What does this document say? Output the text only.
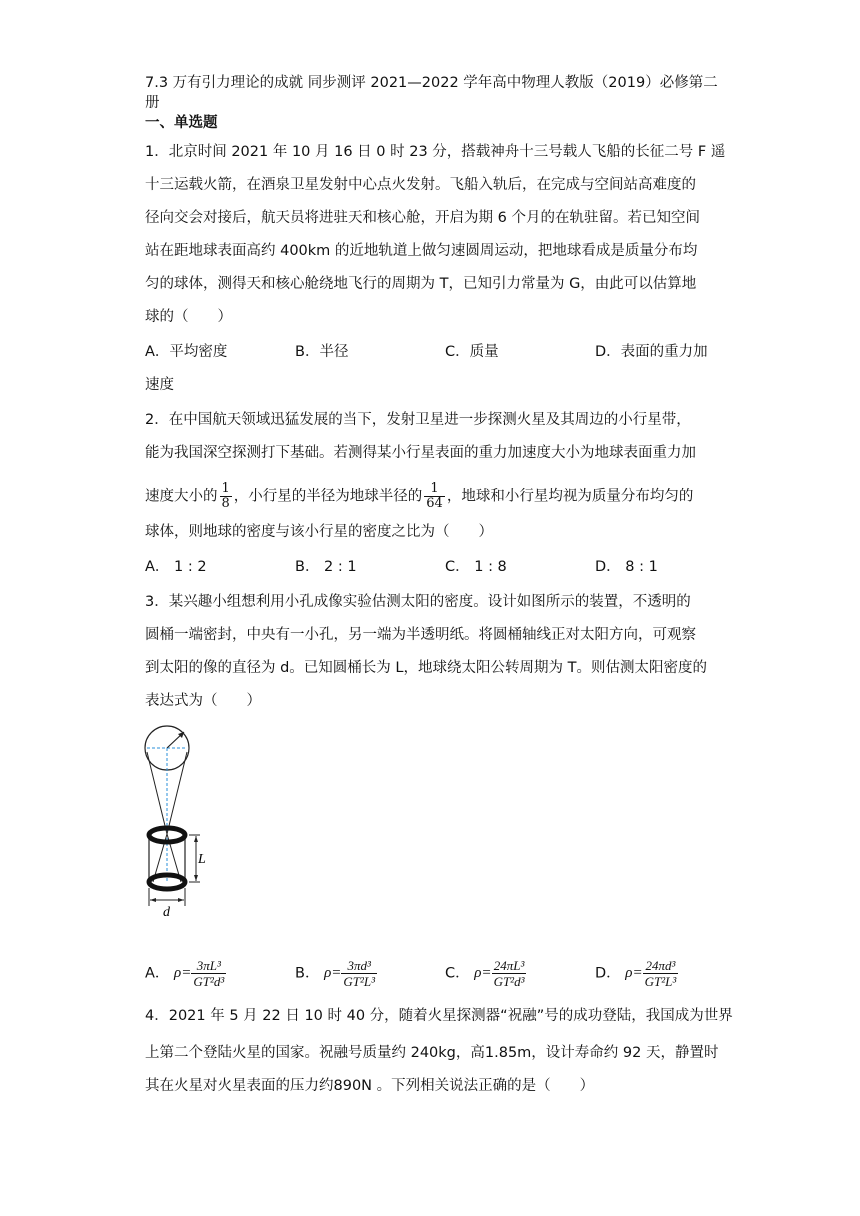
7.3 万有引力理论的成就 同步测评 2021—2022 学年高中物理人教版（2019）必修第二
册
一、单选题
1．北京时间 2021 年 10 月 16 日 0 时 23 分，搭载神舟十三号载人飞船的长征二号 F 遥
十三运载火箭，在酒泉卫星发射中心点火发射。飞船入轨后，在完成与空间站高难度的
径向交会对接后，航天员将进驻天和核心舱，开启为期 6 个月的在轨驻留。若已知空间
站在距地球表面高约 400km 的近地轨道上做匀速圆周运动，把地球看成是质量分布均
匀的球体，测得天和核心舱绕地飞行的周期为 T，已知引力常量为 G，由此可以估算地
球的（　　）
A．平均密度	B．半径	C．质量	D．表面的重力加
速度
2．在中国航天领域迅猛发展的当下，发射卫星进一步探测火星及其周边的小行星带，
能为我国深空探测打下基础。若测得某小行星表面的重力加速度大小为地球表面重力加
速度大小的 $\frac{1}{8}$ ，小行星的半径为地球半径的 $\frac{1}{64}$ ，地球和小行星均视为质量分布均匀的
球体，则地球的密度与该小行星的密度之比为（　　）
A． 1 : 2	B． 2 : 1	C． 1 : 8	D． 8 : 1
3．某兴趣小组想利用小孔成像实验估测太阳的密度。设计如图所示的装置，不透明的
圆桶一端密封，中央有一小孔，另一端为半透明纸。将圆桶轴线正对太阳方向，可观察
到太阳的像的直径为 d。已知圆桶长为 L，地球绕太阳公转周期为 T。则估测太阳密度的
表达式为（　　）
L
d
A． $\rho= \frac{\text{3πL³}}{\text{GT²d³}}$	B． $\rho= \frac{\text{3πd³}}{\text{GT²L³}}$	C． $\rho= \frac{\text{24πL³}}{\text{GT²d³}}$	D． $\rho= \frac{\text{24πd³}}{\text{GT²L³}}$
4．2021 年 5 月 22 日 10 时 40 分，随着火星探测器“祝融”号的成功登陆，我国成为世界
上第二个登陆火星的国家。祝融号质量约 240kg，高1.85m，设计寿命约 92 天，静置时
其在火星对火星表面的压力约890N 。下列相关说法正确的是（　　）
